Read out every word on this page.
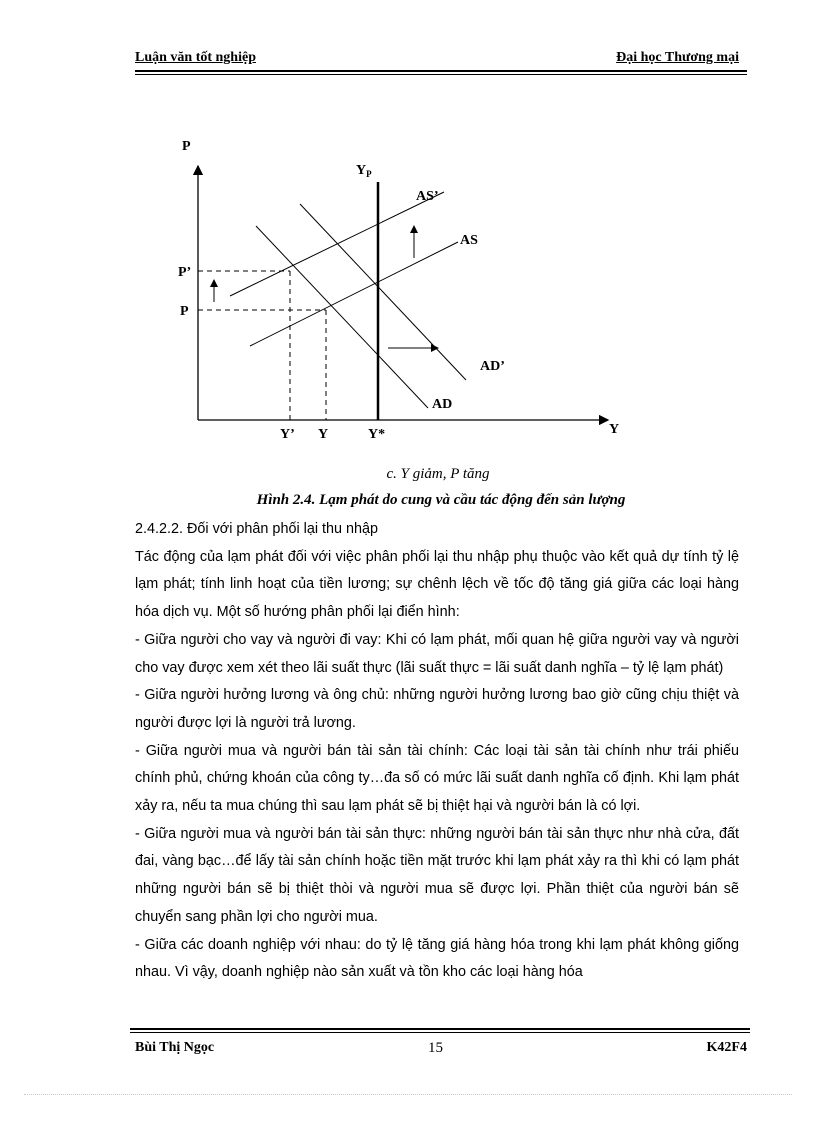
Luận văn tốt nghiệp	Đại học Thương mại
P
Y
$Y_P$
AS’
AS
AD’
AD
P’
P
Y’ Y	Y*
c. Y giảm, P tăng
Hình 2.4. Lạm phát do cung và cầu tác động đến sản lượng

2.4.2.2. Đối với phân phối lại thu nhập

Tác động của lạm phát đối với việc phân phối lại thu nhập phụ thuộc vào kết quả dự tính tỷ lệ lạm phát; tính linh hoạt của tiền lương; sự chênh lệch về tốc độ tăng giá giữa các loại hàng hóa dịch vụ. Một số hướng phân phối lại điển hình:

- Giữa người cho vay và người đi vay: Khi có lạm phát, mối quan hệ giữa người vay và người cho vay được xem xét theo lãi suất thực (lãi suất thực = lãi suất danh nghĩa – tỷ lệ lạm phát)

- Giữa người hưởng lương và ông chủ: những người hưởng lương bao giờ cũng chịu thiệt và người được lợi là người trả lương.

- Giữa người mua và người bán tài sản tài chính: Các loại tài sản tài chính như trái phiếu chính phủ, chứng khoán của công ty…đa số có mức lãi suất danh nghĩa cố định. Khi lạm phát xảy ra, nếu ta mua chúng thì sau lạm phát sẽ bị thiệt hại và người bán là có lợi.

- Giữa người mua và người bán tài sản thực: những người bán tài sản thực như nhà cửa, đất đai, vàng bạc…để lấy tài sản chính hoặc tiền mặt trước khi lạm phát xảy ra thì khi có lạm phát những người bán sẽ bị thiệt thòi và người mua sẽ được lợi. Phần thiệt của người bán sẽ chuyển sang phần lợi cho người mua.

- Giữa các doanh nghiệp với nhau: do tỷ lệ tăng giá hàng hóa trong khi lạm phát không giống nhau. Vì vậy, doanh nghiệp nào sản xuất và tồn kho các loại hàng hóa

Bùi Thị Ngọc	15	K42F4
